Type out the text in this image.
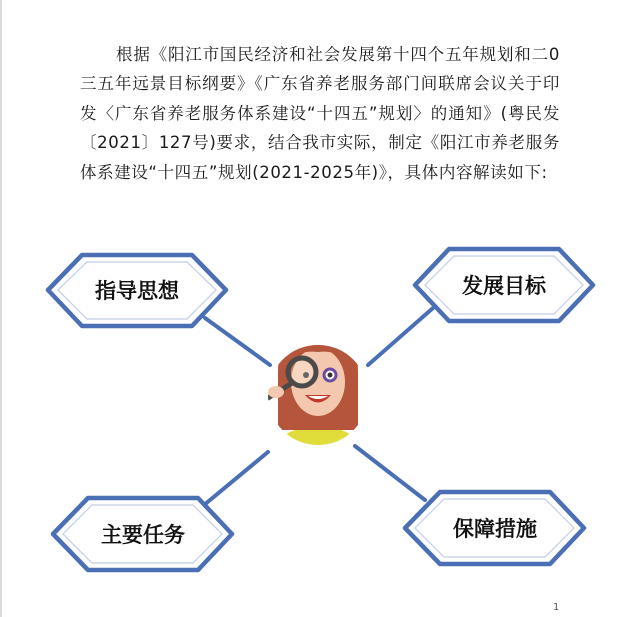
根据《阳江市国民经济和社会发展第十四个五年规划和二0三五年远景目标纲要》《广东省养老服务部门间联席会议关于印发〈广东省养老服务体系建设“十四五”规划〉的通知》(粤民发〔2021〕127号)要求，结合我市实际，制定《阳江市养老服务体系建设“十四五”规划(2021-2025年)》，具体内容解读如下:

指导思想	发展目标
主要任务	保障措施
1
